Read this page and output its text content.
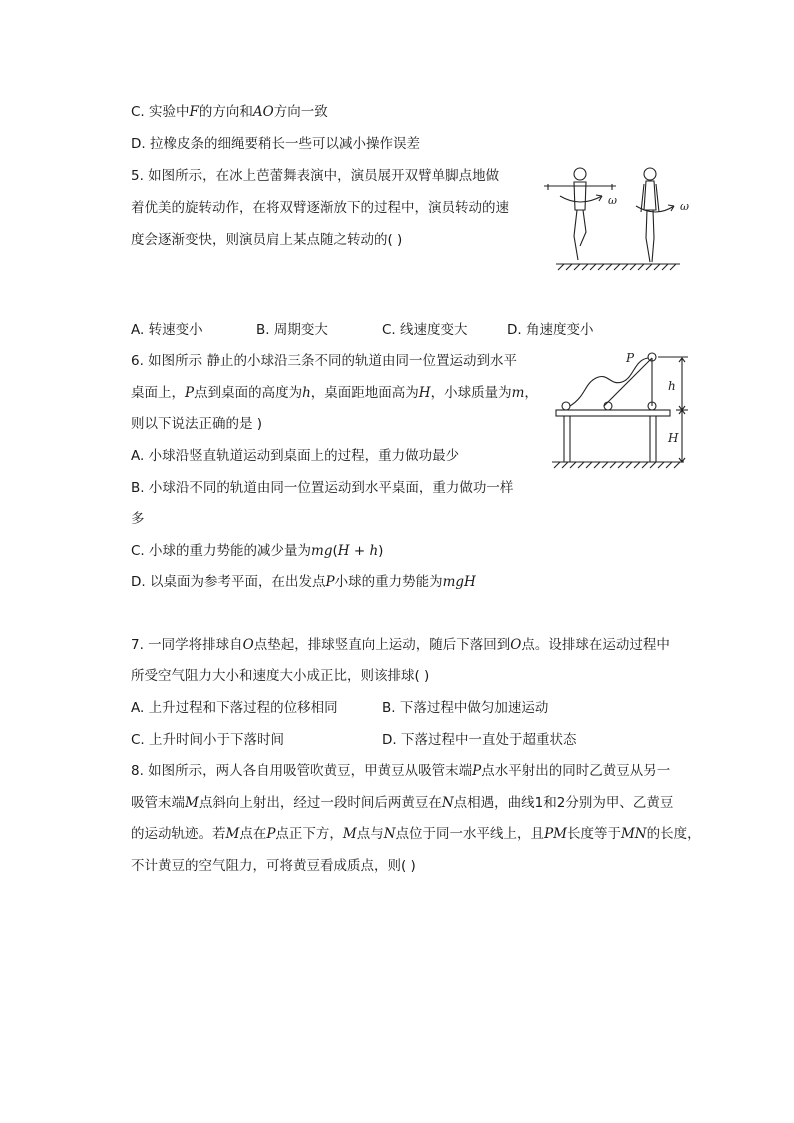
C. 实验中F的方向和AO方向一致
D. 拉橡皮条的细绳要稍长一些可以减小操作误差
5. 如图所示，在冰上芭蕾舞表演中，演员展开双臂单脚点地做
着优美的旋转动作，在将双臂逐渐放下的过程中，演员转动的速
度会逐渐变快，则演员肩上某点随之转动的( )
ω	ω
A. 转速变小	B. 周期变大	C. 线速度变大	D. 角速度变小
6. 如图所示 静止的小球沿三条不同的轨道由同一位置运动到水平
桌面上，P点到桌面的高度为h，桌面距地面高为H，小球质量为m，
则以下说法正确的是 )
A. 小球沿竖直轨道运动到桌面上的过程，重力做功最少
B. 小球沿不同的轨道由同一位置运动到水平桌面，重力做功一样
多
C. 小球的重力势能的减少量为mg(H + h)
D. 以桌面为参考平面，在出发点P小球的重力势能为mgH
P
h
H
7. 一同学将排球自O点垫起，排球竖直向上运动，随后下落回到O点。设排球在运动过程中
所受空气阻力大小和速度大小成正比，则该排球( )
A. 上升过程和下落过程的位移相同	B. 下落过程中做匀加速运动
C. 上升时间小于下落时间	D. 下落过程中一直处于超重状态
8. 如图所示，两人各自用吸管吹黄豆，甲黄豆从吸管末端P点水平射出的同时乙黄豆从另一
吸管末端M点斜向上射出，经过一段时间后两黄豆在N点相遇，曲线1和2分别为甲、乙黄豆
的运动轨迹。若M点在P点正下方，M点与N点位于同一水平线上，且PM长度等于MN的长度，
不计黄豆的空气阻力，可将黄豆看成质点，则( )
